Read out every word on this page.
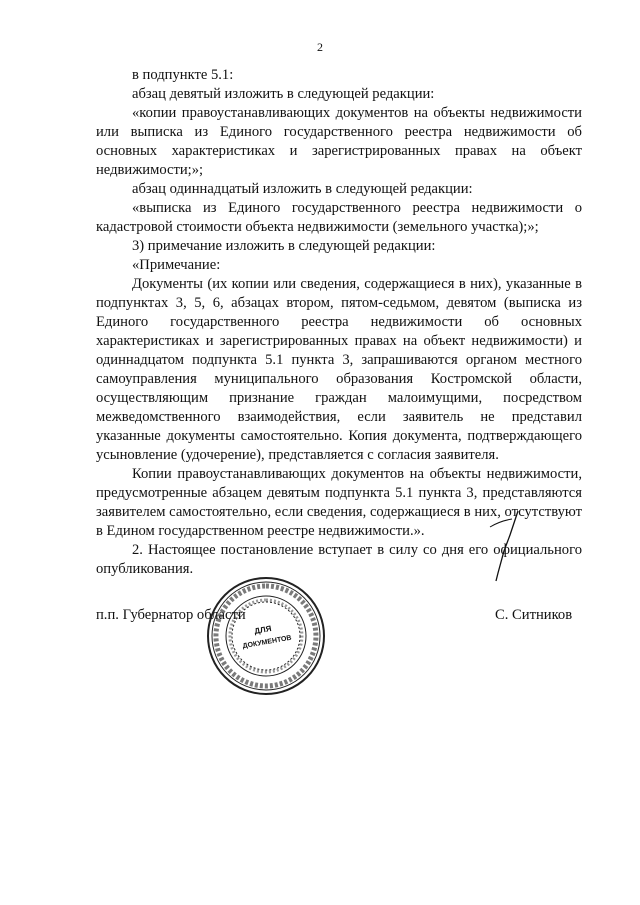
2

в подпункте 5.1:

абзац девятый изложить в следующей редакции:

«копии правоустанавливающих документов на объекты недвижимости или выписка из Единого государственного реестра недвижимости об основных характеристиках и зарегистрированных правах на объект недвижимости;»;

абзац одиннадцатый изложить в следующей редакции:

«выписка из Единого государственного реестра недвижимости о кадастровой стоимости объекта недвижимости (земельного участка);»;

3) примечание изложить в следующей редакции:

«Примечание:

Документы (их копии или сведения, содержащиеся в них), указанные в подпунктах 3, 5, 6, абзацах втором, пятом-седьмом, девятом (выписка из Единого государственного реестра недвижимости об основных характеристиках и зарегистрированных правах на объект недвижимости) и одиннадцатом подпункта 5.1 пункта 3, запрашиваются органом местного самоуправления муниципального образования Костромской области, осуществляющим признание граждан малоимущими, посредством межведомственного взаимодействия, если заявитель не представил указанные документы самостоятельно. Копия документа, подтверждающего усыновление (удочерение), представляется с согласия заявителя.

Копии правоустанавливающих документов на объекты недвижимости, предусмотренные абзацем девятым подпункта 5.1 пункта 3, представляются заявителем самостоятельно, если сведения, содержащиеся в них, отсутствуют в Едином государственном реестре недвижимости.».

2. Настоящее постановление вступает в силу со дня его официального опубликования.

п.п. Губернатор области	С. Ситников
ДЛЯ
ДОКУМЕНТОВ
